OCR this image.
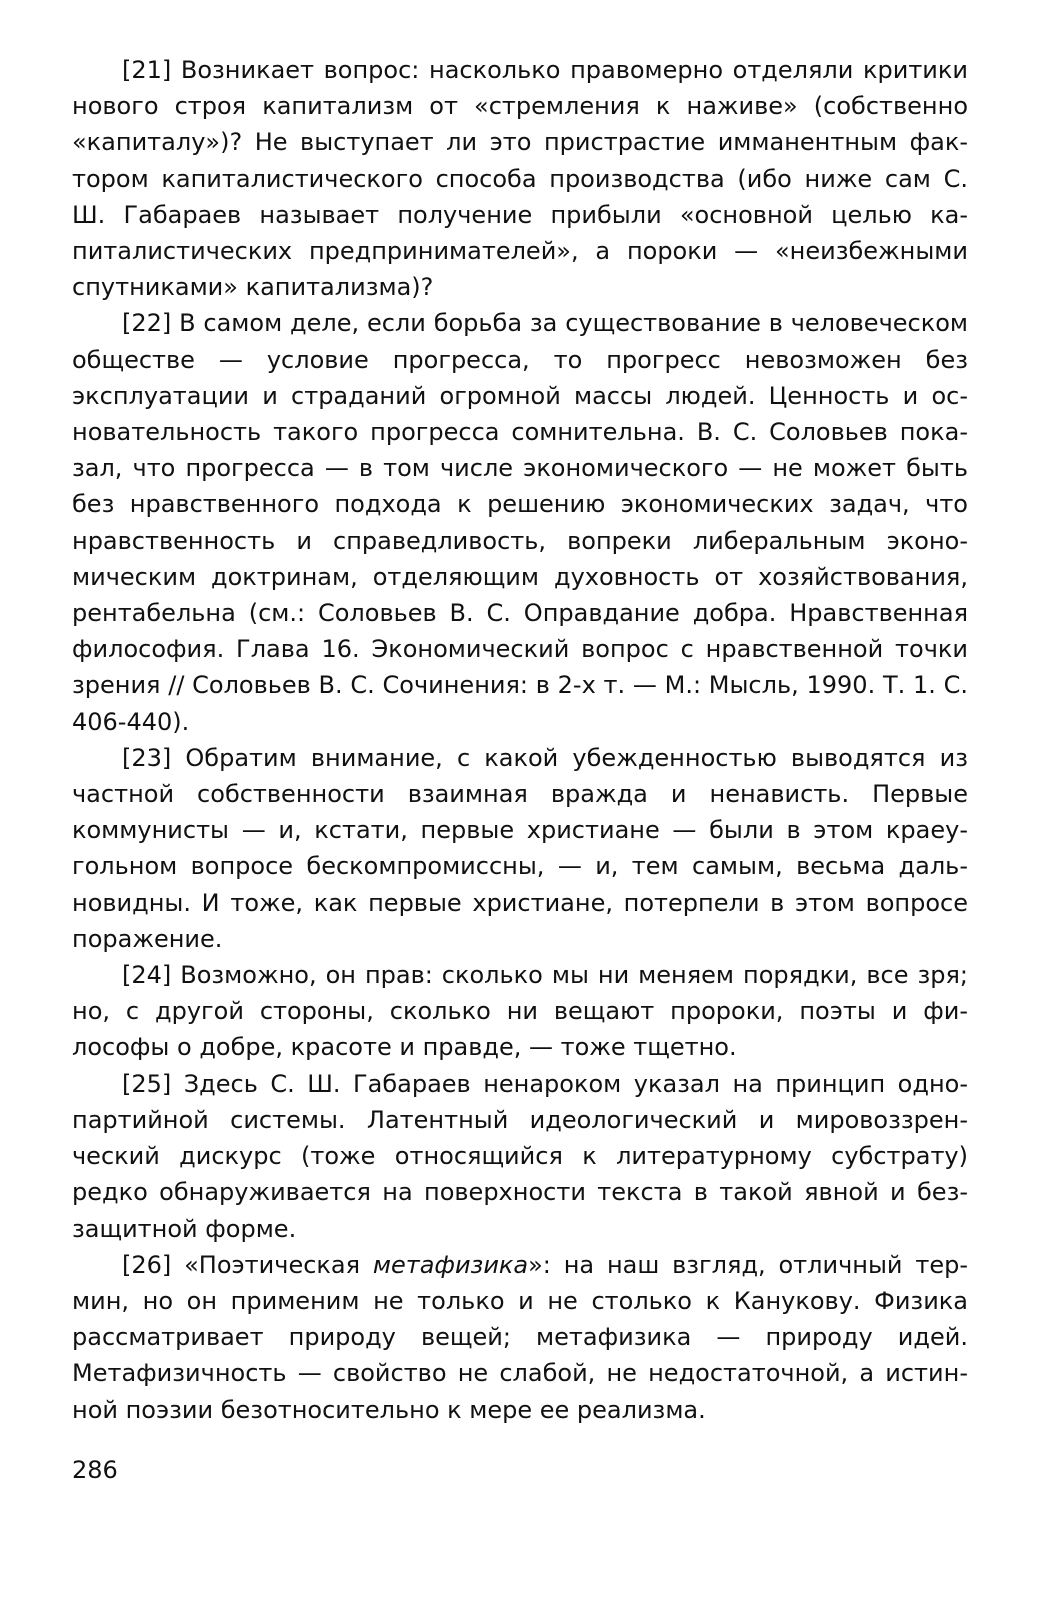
[21] Возникает вопрос: насколько правомерно отделяли критики нового строя капитализм от «стремления к наживе» (собственно «капиталу»)? Не выступает ли это пристрастие имманентным фактором капиталистического способа производства (ибо ниже сам С. Ш. Габараев называет получение прибыли «основной целью капиталистических предпринимателей», а пороки — «неизбежными спутниками» капитализма)?

[22] В самом деле, если борьба за существование в человеческом обществе — условие прогресса, то прогресс невозможен без эксплуатации и страданий огромной массы людей. Ценность и основательность такого прогресса сомнительна. В. С. Соловьев показал, что прогресса — в том числе экономического — не может быть без нравственного подхода к решению экономических задач, что нравственность и справедливость, вопреки либеральным экономическим доктринам, отделяющим духовность от хозяйствования, рентабельна (см.: Соловьев В. С. Оправдание добра. Нравственная философия. Глава 16. Экономический вопрос с нравственной точки зрения // Соловьев В. С. Сочинения: в 2-х т. — М.: Мысль, 1990. Т. 1. С. 406-440).

[23] Обратим внимание, с какой убежденностью выводятся из частной собственности взаимная вражда и ненависть. Первые коммунисты — и, кстати, первые христиане — были в этом краеугольном вопросе бескомпромиссны, — и, тем самым, весьма дальновидны. И тоже, как первые христиане, потерпели в этом вопросе поражение.

[24] Возможно, он прав: сколько мы ни меняем порядки, все зря; но, с другой стороны, сколько ни вещают пророки, поэты и философы о добре, красоте и правде, — тоже тщетно.

[25] Здесь С. Ш. Габараев ненароком указал на принцип однопартийной системы. Латентный идеологический и мировоззренческий дискурс (тоже относящийся к литературному субстрату) редко обнаруживается на поверхности текста в такой явной и беззащитной форме.

[26] «Поэтическая метафизика»: на наш взгляд, отличный термин, но он применим не только и не столько к Канукову. Физика рассматривает природу вещей; метафизика — природу идей. Метафизичность — свойство не слабой, не недостаточной, а истинной поэзии безотносительно к мере ее реализма.

286
